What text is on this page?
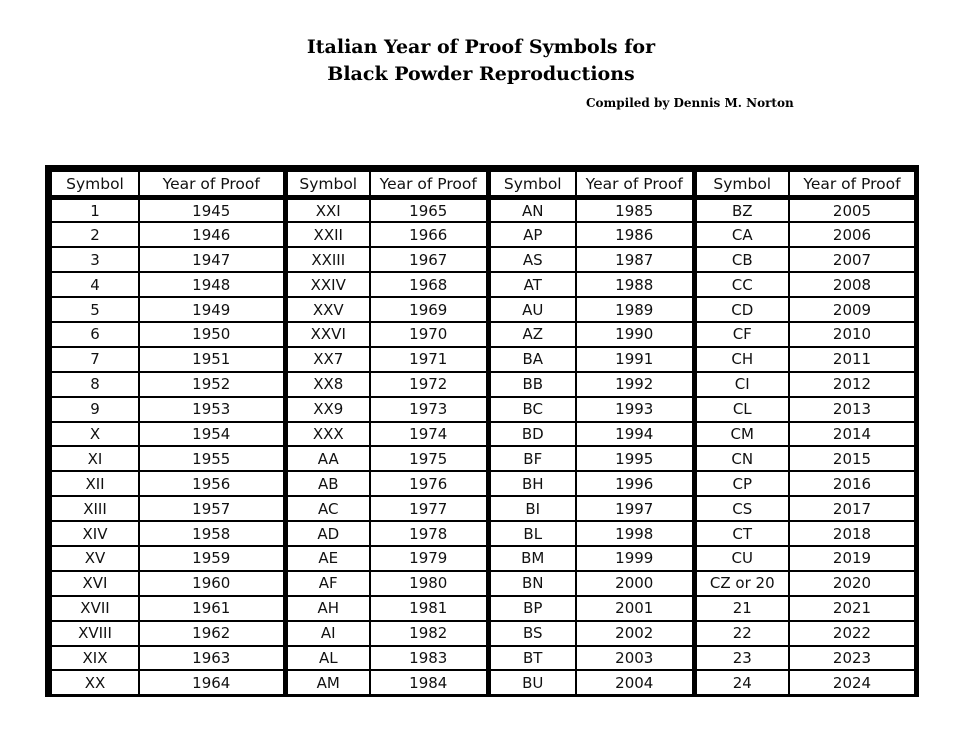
Italian Year of Proof Symbols for
Black Powder Reproductions

Compiled by Dennis M. Norton

Symbol	Year of Proof	Symbol	Year of Proof	Symbol	Year of Proof	Symbol	Year of Proof
1	1945	XXI	1965	AN	1985	BZ	2005
2	1946	XXII	1966	AP	1986	CA	2006
3	1947	XXIII	1967	AS	1987	CB	2007
4	1948	XXIV	1968	AT	1988	CC	2008
5	1949	XXV	1969	AU	1989	CD	2009
6	1950	XXVI	1970	AZ	1990	CF	2010
7	1951	XX7	1971	BA	1991	CH	2011
8	1952	XX8	1972	BB	1992	CI	2012
9	1953	XX9	1973	BC	1993	CL	2013
X	1954	XXX	1974	BD	1994	CM	2014
XI	1955	AA	1975	BF	1995	CN	2015
XII	1956	AB	1976	BH	1996	CP	2016
XIII	1957	AC	1977	BI	1997	CS	2017
XIV	1958	AD	1978	BL	1998	CT	2018
XV	1959	AE	1979	BM	1999	CU	2019
XVI	1960	AF	1980	BN	2000	CZ or 20	2020
XVII	1961	AH	1981	BP	2001	21	2021
XVIII	1962	AI	1982	BS	2002	22	2022
XIX	1963	AL	1983	BT	2003	23	2023
XX	1964	AM	1984	BU	2004	24	2024
